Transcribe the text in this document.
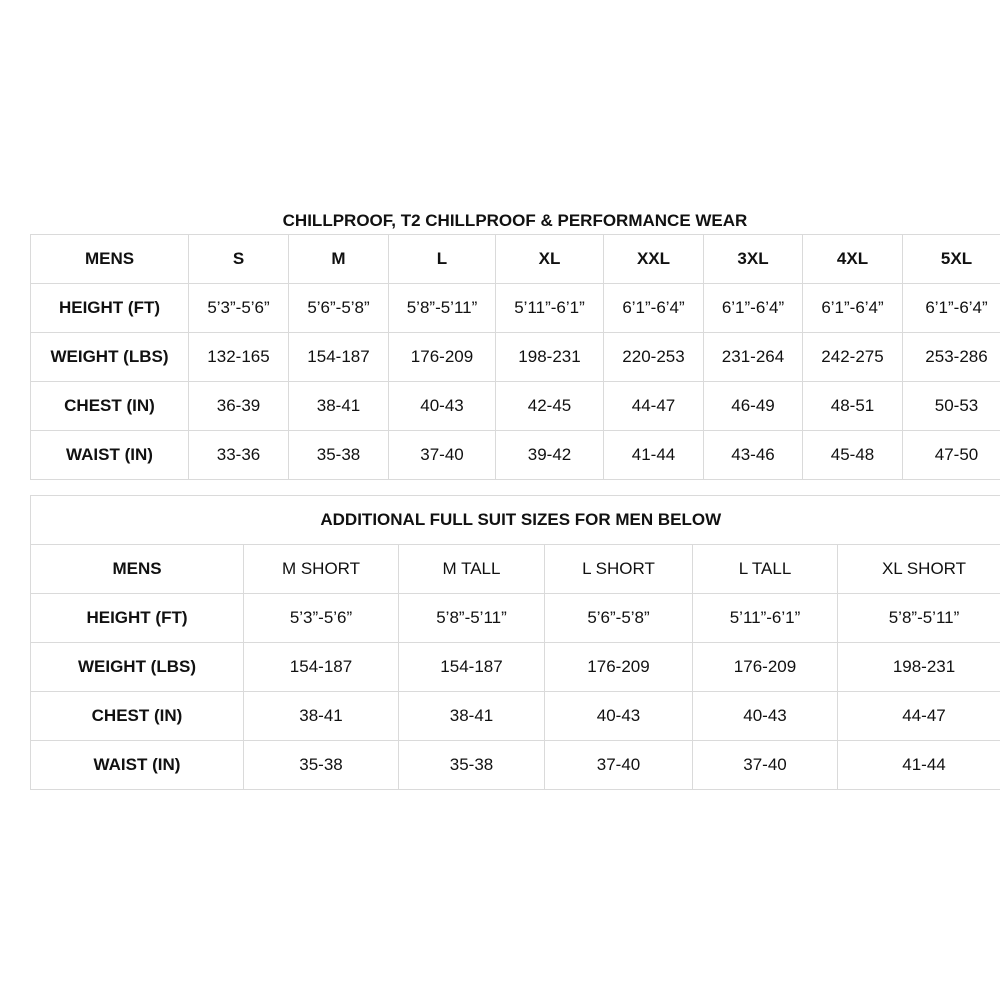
CHILLPROOF, T2 CHILLPROOF & PERFORMANCE WEAR
MENS	S	M	L	XL	XXL	3XL	4XL	5XL
HEIGHT (FT)	5’3”-5’6”	5’6”-5’8”	5’8”-5’11”	5’11”-6’1”	6’1”-6’4”	6’1”-6’4”	6’1”-6’4”	6’1”-6’4”
WEIGHT (LBS)	132-165	154-187	176-209	198-231	220-253	231-264	242-275	253-286
CHEST (IN)	36-39	38-41	40-43	42-45	44-47	46-49	48-51	50-53
WAIST (IN)	33-36	35-38	37-40	39-42	41-44	43-46	45-48	47-50
ADDITIONAL FULL SUIT SIZES FOR MEN BELOW					
MENS	M SHORT	M TALL	L SHORT	L TALL	XL SHORT
HEIGHT (FT)	5’3”-5’6”	5’8”-5’11”	5’6”-5’8”	5’11”-6’1”	5’8”-5’11”
WEIGHT (LBS)	154-187	154-187	176-209	176-209	198-231
CHEST (IN)	38-41	38-41	40-43	40-43	44-47
WAIST (IN)	35-38	35-38	37-40	37-40	41-44
